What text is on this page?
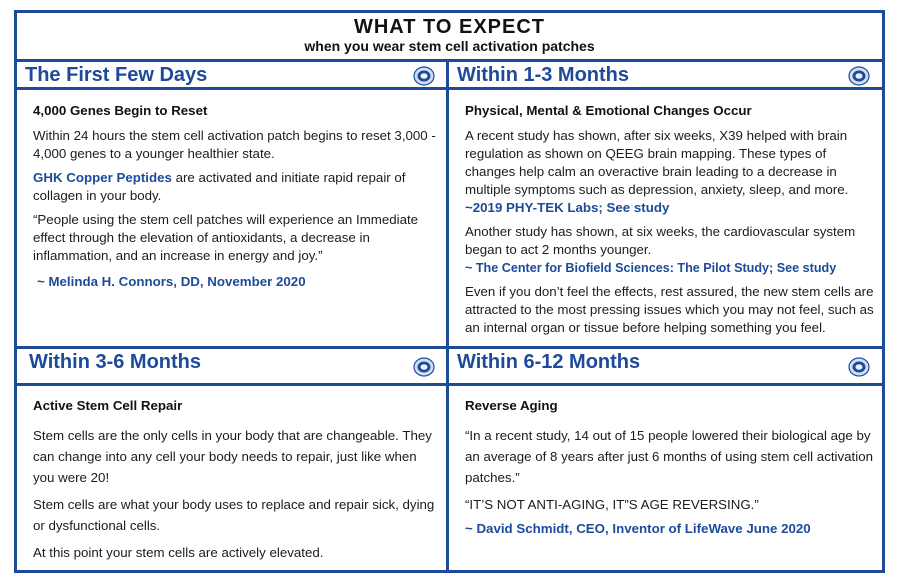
WHAT TO EXPECT
when you wear stem cell activation patches
The First Few Days

4,000 Genes Begin to Reset

Within 24 hours the stem cell activation patch begins to reset 3,000 - 4,000 genes to a younger healthier state.

GHK Copper Peptides are activated and initiate rapid repair of collagen in your body.

“People using the stem cell patches will experience an Immediate effect through the elevation of antioxidants, a decrease in inflammation, and an increase in energy and joy.”

~ Melinda H. Connors, DD, November 2020

Within 1-3 Months

Physical, Mental & Emotional Changes Occur

A recent study has shown, after six weeks, X39 helped with brain regulation as shown on QEEG brain mapping. These types of changes help calm an overactive brain leading to a decrease in multiple symptoms such as depression, anxiety, sleep, and more. ~2019 PHY-TEK Labs; See study

Another study has shown, at six weeks, the cardiovascular system began to act 2 months younger.
~ The Center for Biofield Sciences: The Pilot Study; See study

Even if you don’t feel the effects, rest assured, the new stem cells are attracted to the most pressing issues which you may not feel, such as an internal organ or tissue before helping something you feel.

Within 3-6 Months

Active Stem Cell Repair

Stem cells are the only cells in your body that are changeable. They can change into any cell your body needs to repair, just like when you were 20!

Stem cells are what your body uses to replace and repair sick, dying or dysfunctional cells.

At this point your stem cells are actively elevated.

Within 6-12 Months

Reverse Aging

“In a recent study, 14 out of 15 people lowered their biological age by an average of 8 years after just 6 months of using stem cell activation patches.”

“IT’S NOT ANTI-AGING, IT”S AGE REVERSING.”

~ David Schmidt, CEO, Inventor of LifeWave June 2020
